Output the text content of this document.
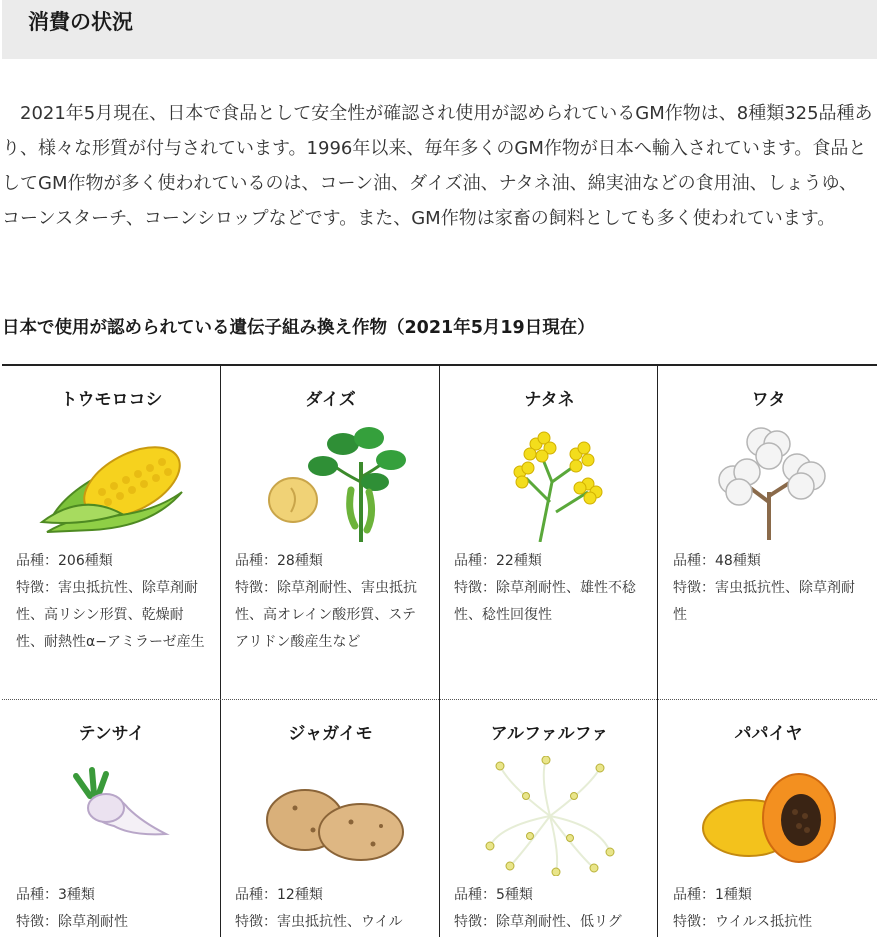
消費の状況

2021年5月現在、日本で食品として安全性が確認され使用が認められているGM作物は、8種類325品種あり、様々な形質が付与されています。1996年以来、毎年多くのGM作物が日本へ輸入されています。食品としてGM作物が多く使われているのは、コーン油、ダイズ油、ナタネ油、綿実油などの食用油、しょうゆ、コーンスターチ、コーンシロップなどです。また、GM作物は家畜の飼料としても多く使われています。

日本で使用が認められている遺伝子組み換え作物（2021年5月19日現在）
トウモロコシ
品種：206種類
特徴：害虫抵抗性、除草剤耐性、高リシン形質、乾燥耐性、耐熱性α−アミラーゼ産生
ダイズ
品種：28種類
特徴：除草剤耐性、害虫抵抗性、高オレイン酸形質、ステアリドン酸産生など
ナタネ
品種：22種類
特徴：除草剤耐性、雄性不稔性、稔性回復性
ワタ
品種：48種類
特徴：害虫抵抗性、除草剤耐性
テンサイ
品種：3種類
特徴：除草剤耐性
ジャガイモ
品種：12種類
特徴：害虫抵抗性、ウイル
アルファルファ
品種：5種類
特徴：除草剤耐性、低リグ
パパイヤ
品種：1種類
特徴：ウイルス抵抗性
